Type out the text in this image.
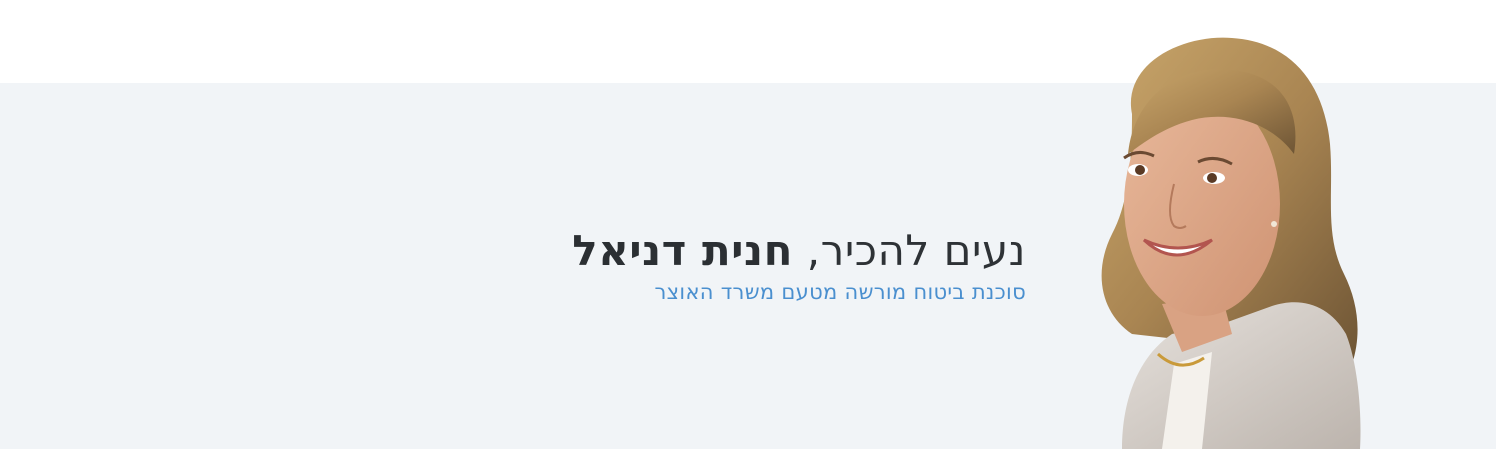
נעים להכיר, חנית דניאל

סוכנת ביטוח מורשה מטעם משרד האוצר
